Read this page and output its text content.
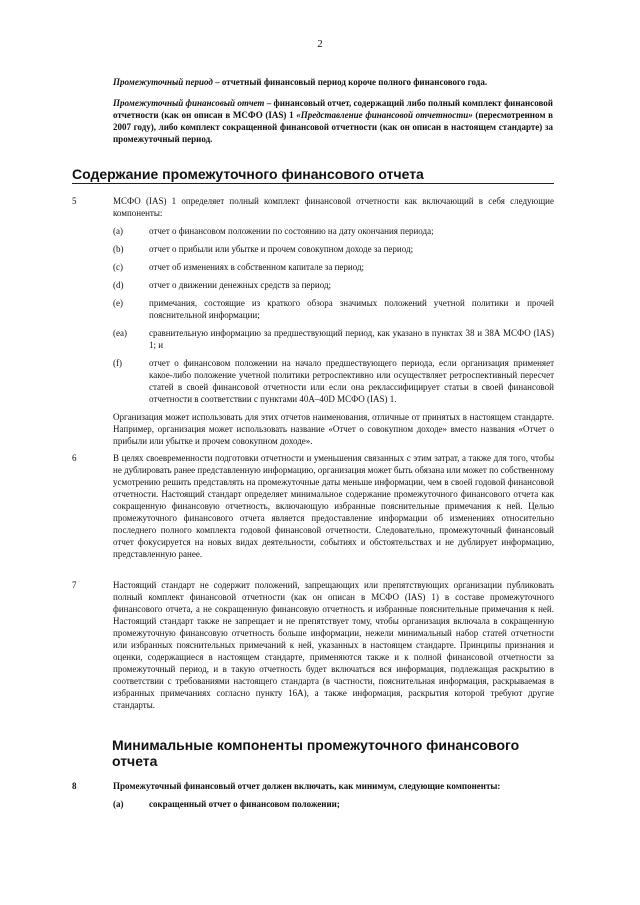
2

Промежуточный период – отчетный финансовый период короче полного финансового года.

Промежуточный финансовый отчет – финансовый отчет, содержащий либо полный комплект финансовой отчетности (как он описан в МСФО (IAS) 1 «Представление финансовой отчетности» (пересмотренном в 2007 году), либо комплект сокращенной финансовой отчетности (как он описан в настоящем стандарте) за промежуточный период.

Содержание промежуточного финансового отчета
5	МСФО (IAS) 1 определяет полный комплект финансовой отчетности как включающий в себя следующие компоненты:

(a)	отчет о финансовом положении по состоянию на дату окончания периода;
(b)	отчет о прибыли или убытке и прочем совокупном доходе за период;
(c)	отчет об изменениях в собственном капитале за период;
(d)	отчет о движении денежных средств за период;
(e)	примечания, состоящие из краткого обзора значимых положений учетной политики и прочей пояснительной информации;
(ea)	сравнительную информацию за предшествующий период, как указано в пунктах 38 и 38А МСФО (IAS) 1; и
(f)	отчет о финансовом положении на начало предшествующего периода, если организация применяет какое-либо положение учетной политики ретроспективно или осуществляет ретроспективный пересчет статей в своей финансовой отчетности или если она реклассифицирует статьи в своей финансовой отчетности в соответствии с пунктами 40А–40D МСФО (IAS) 1.

Организация может использовать для этих отчетов наименования, отличные от принятых в настоящем стандарте. Например, организация может использовать название «Отчет о совокупном доходе» вместо названия «Отчет о прибыли или убытке и прочем совокупном доходе».

6	В целях своевременности подготовки отчетности и уменьшения связанных с этим затрат, а также для того, чтобы не дублировать ранее представленную информацию, организация может быть обязана или может по собственному усмотрению решить представлять на промежуточные даты меньше информации, чем в своей годовой финансовой отчетности. Настоящий стандарт определяет минимальное содержание промежуточного финансового отчета как сокращенную финансовую отчетность, включающую избранные пояснительные примечания к ней. Целью промежуточного финансового отчета является предоставление информации об изменениях относительно последнего полного комплекта годовой финансовой отчетности. Следовательно, промежуточный финансовый отчет фокусируется на новых видах деятельности, событиях и обстоятельствах и не дублирует информацию, представленную ранее.

7	Настоящий стандарт не содержит положений, запрещающих или препятствующих организации публиковать полный комплект финансовой отчетности (как он описан в МСФО (IAS) 1) в составе промежуточного финансового отчета, а не сокращенную финансовую отчетность и избранные пояснительные примечания к ней. Настоящий стандарт также не запрещает и не препятствует тому, чтобы организация включала в сокращенную промежуточную финансовую отчетность больше информации, нежели минимальный набор статей отчетности или избранных пояснительных примечаний к ней, указанных в настоящем стандарте. Принципы признания и оценки, содержащиеся в настоящем стандарте, применяются также и к полной финансовой отчетности за промежуточный период, и в такую отчетность будет включаться вся информация, подлежащая раскрытию в соответствии с требованиями настоящего стандарта (в частности, пояснительная информация, раскрываемая в избранных примечаниях согласно пункту 16А), а также информация, раскрытия которой требуют другие стандарты.

Минимальные компоненты промежуточного финансового
отчета
8	Промежуточный финансовый отчет должен включать, как минимум, следующие компоненты:

(a)	сокращенный отчет о финансовом положении;
